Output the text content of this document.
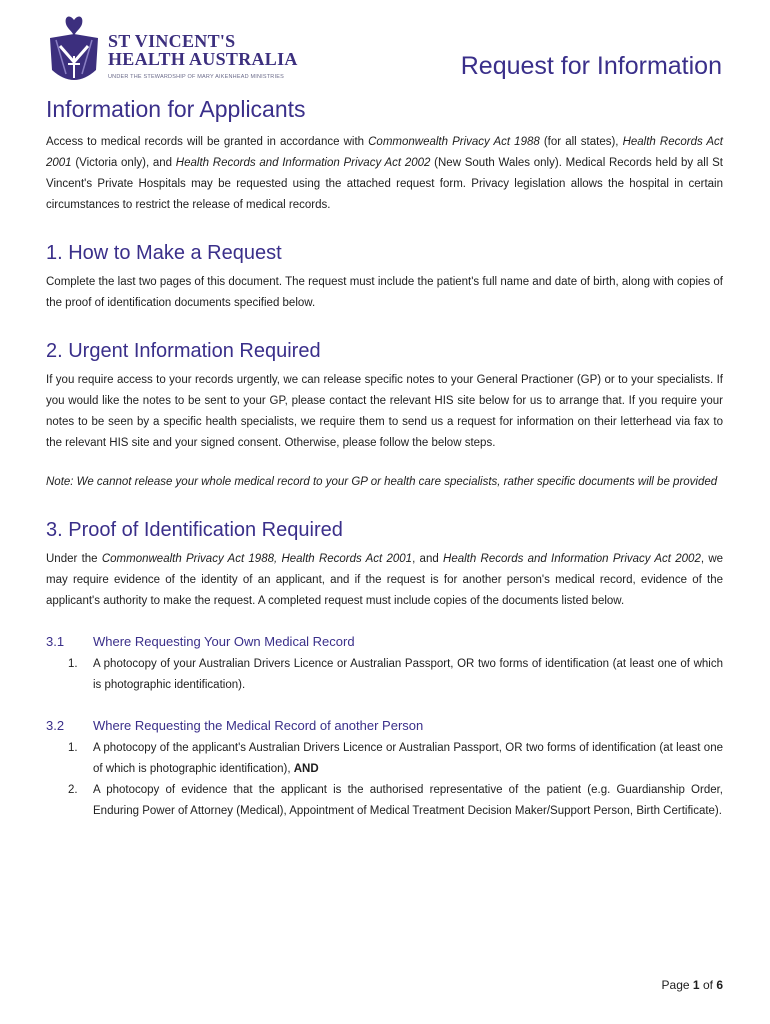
ST VINCENT'S
HEALTH AUSTRALIA
UNDER THE STEWARDSHIP OF MARY AIKENHEAD MINISTRIES	Request for Information
Information for Applicants

Access to medical records will be granted in accordance with Commonwealth Privacy Act 1988 (for all states), Health Records Act 2001 (Victoria only), and Health Records and Information Privacy Act 2002 (New South Wales only). Medical Records held by all St Vincent's Private Hospitals may be requested using the attached request form. Privacy legislation allows the hospital in certain circumstances to restrict the release of medical records.

1. How to Make a Request

Complete the last two pages of this document. The request must include the patient's full name and date of birth, along with copies of the proof of identification documents specified below.

2. Urgent Information Required

If you require access to your records urgently, we can release specific notes to your General Practioner (GP) or to your specialists. If you would like the notes to be sent to your GP, please contact the relevant HIS site below for us to arrange that. If you require your notes to be seen by a specific health specialists, we require them to send us a request for information on their letterhead via fax to the relevant HIS site and your signed consent. Otherwise, please follow the below steps.

Note: We cannot release your whole medical record to your GP or health care specialists, rather specific documents will be provided

3. Proof of Identification Required

Under the Commonwealth Privacy Act 1988, Health Records Act 2001, and Health Records and Information Privacy Act 2002, we may require evidence of the identity of an applicant, and if the request is for another person's medical record, evidence of the applicant's authority to make the request. A completed request must include copies of the documents listed below.

3.1	Where Requesting Your Own Medical Record
1.	A photocopy of your Australian Drivers Licence or Australian Passport, OR two forms of identification (at least one of which is photographic identification).
3.2	Where Requesting the Medical Record of another Person
1.	A photocopy of the applicant's Australian Drivers Licence or Australian Passport, OR two forms of identification (at least one of which is photographic identification), AND
2.	A photocopy of evidence that the applicant is the authorised representative of the patient (e.g. Guardianship Order, Enduring Power of Attorney (Medical), Appointment of Medical Treatment Decision Maker/Support Person, Birth Certificate).
Page 1 of 6
